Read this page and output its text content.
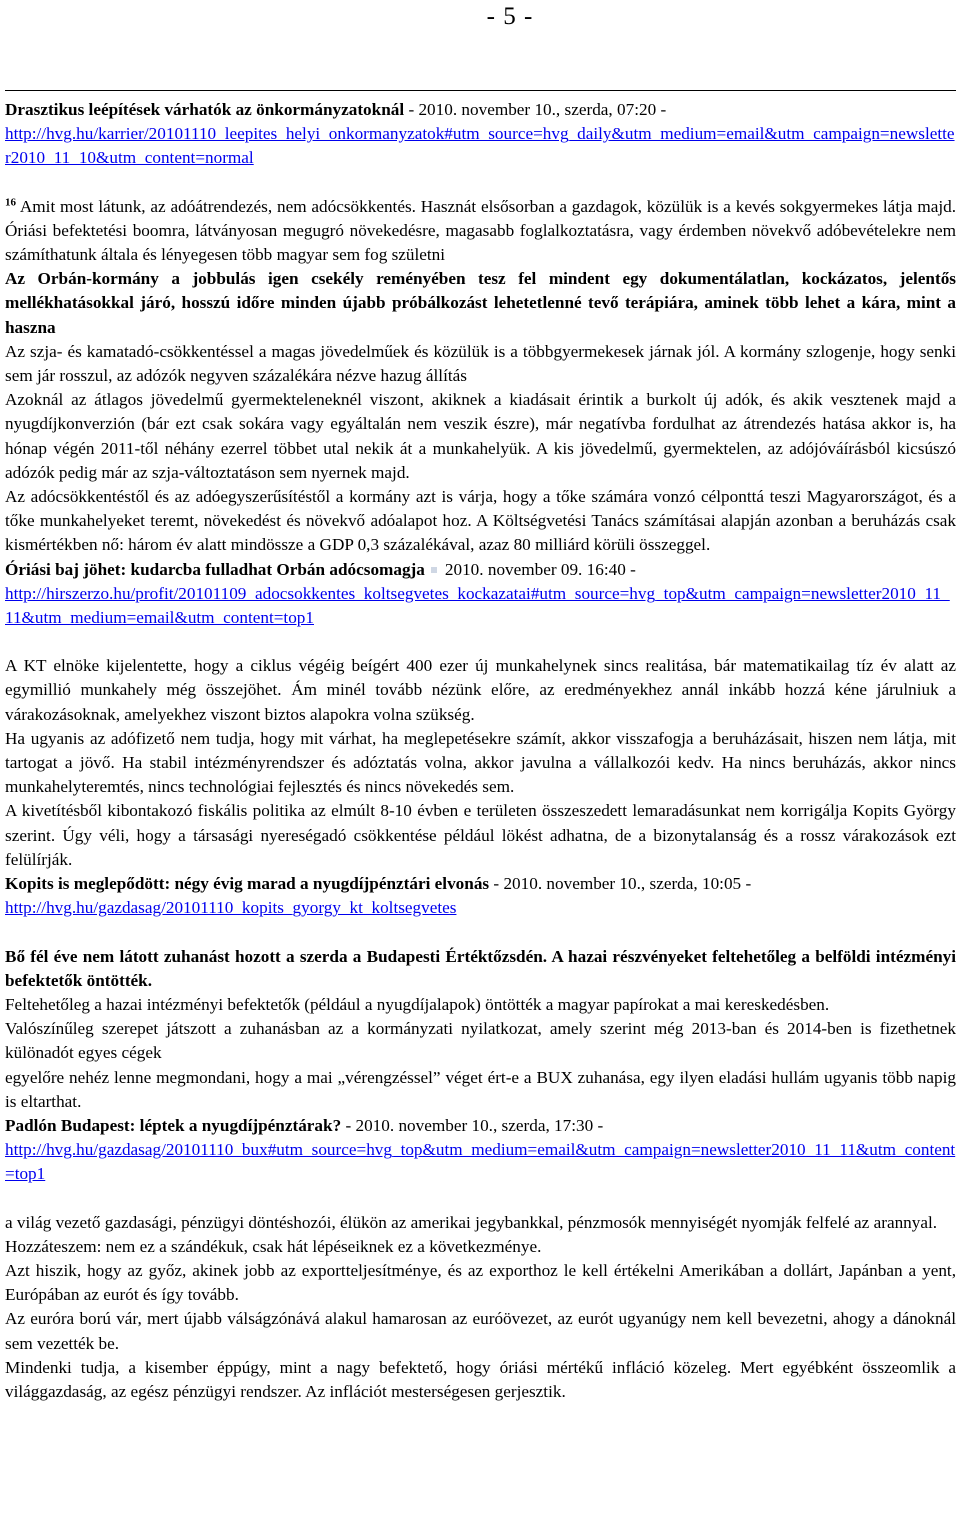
- 5 -

Drasztikus leépítések várhatók az önkormányzatoknál - 2010. november 10., szerda, 07:20 -
http://hvg.hu/karrier/20101110_leepites_helyi_onkormanyzatok#utm_source=hvg_daily&utm_medium=email&utm_campaign=newsletter2010_11_10&utm_content=normal

$^{16}$ Amit most látunk, az adóátrendezés, nem adócsökkentés. Hasznát elsősorban a gazdagok, közülük is a kevés sokgyermekes látja majd. Óriási befektetési boomra, látványosan megugró növekedésre, magasabb foglalkoztatásra, vagy érdemben növekvő adóbevételekre nem számíthatunk általa és lényegesen több magyar sem fog születni

Az Orbán-kormány a jobbulás igen csekély reményében tesz fel mindent egy dokumentálatlan, kockázatos, jelentős mellékhatásokkal járó, hosszú időre minden újabb próbálkozást lehetetlenné tevő terápiára, aminek több lehet a kára, mint a haszna

Az szja- és kamatadó-csökkentéssel a magas jövedelműek és közülük is a többgyermekesek járnak jól. A kormány szlogenje, hogy senki sem jár rosszul, az adózók negyven százalékára nézve hazug állítás

Azoknál az átlagos jövedelmű gyermekteleneknél viszont, akiknek a kiadásait érintik a burkolt új adók, és akik vesztenek majd a nyugdíjkonverzión (bár ezt csak sokára vagy egyáltalán nem veszik észre), már negatívba fordulhat az átrendezés hatása akkor is, ha hónap végén 2011-től néhány ezerrel többet utal nekik át a munkahelyük. A kis jövedelmű, gyermektelen, az adójóváírásból kicsúszó adózók pedig már az szja-változtatáson sem nyernek majd.

Az adócsökkentéstől és az adóegyszerűsítéstől a kormány azt is várja, hogy a tőke számára vonzó célponttá teszi Magyarországot, és a tőke munkahelyeket teremt, növekedést és növekvő adóalapot hoz. A Költségvetési Tanács számításai alapján azonban a beruházás csak kismértékben nő: három év alatt mindössze a GDP 0,3 százalékával, azaz 80 milliárd körüli összeggel.

Óriási baj jöhet: kudarcba fulladhat Orbán adócsomagja 2010. november 09. 16:40 -
http://hirszerzo.hu/profit/20101109_adocsokkentes_koltsegvetes_kockazatai#utm_source=hvg_top&utm_campaign=newsletter2010_11_11&utm_medium=email&utm_content=top1

A KT elnöke kijelentette, hogy a ciklus végéig beígért 400 ezer új munkahelynek sincs realitása, bár matematikailag tíz év alatt az egymillió munkahely még összejöhet. Ám minél tovább nézünk előre, az eredményekhez annál inkább hozzá kéne járulniuk a várakozásoknak, amelyekhez viszont biztos alapokra volna szükség.

Ha ugyanis az adófizető nem tudja, hogy mit várhat, ha meglepetésekre számít, akkor visszafogja a beruházásait, hiszen nem látja, mit tartogat a jövő. Ha stabil intézményrendszer és adóztatás volna, akkor javulna a vállalkozói kedv. Ha nincs beruházás, akkor nincs munkahelyteremtés, nincs technológiai fejlesztés és nincs növekedés sem.

A kivetítésből kibontakozó fiskális politika az elmúlt 8-10 évben e területen összeszedett lemaradásunkat nem korrigálja Kopits György szerint. Úgy véli, hogy a társasági nyereségadó csökkentése például lökést adhatna, de a bizonytalanság és a rossz várakozások ezt felülírják.

Kopits is meglepődött: négy évig marad a nyugdíjpénztári elvonás - 2010. november 10., szerda, 10:05 -
http://hvg.hu/gazdasag/20101110_kopits_gyorgy_kt_koltsegvetes

Bő fél éve nem látott zuhanást hozott a szerda a Budapesti Értéktőzsdén. A hazai részvényeket feltehetőleg a belföldi intézményi befektetők öntötték.

Feltehetőleg a hazai intézményi befektetők (például a nyugdíjalapok) öntötték a magyar papírokat a mai kereskedésben.

Valószínűleg szerepet játszott a zuhanásban az a kormányzati nyilatkozat, amely szerint még 2013-ban és 2014-ben is fizethetnek különadót egyes cégek

egyelőre nehéz lenne megmondani, hogy a mai „vérengzéssel” véget ért-e a BUX zuhanása, egy ilyen eladási hullám ugyanis több napig is eltarthat.

Padlón Budapest: léptek a nyugdíjpénztárak? - 2010. november 10., szerda, 17:30 -
http://hvg.hu/gazdasag/20101110_bux#utm_source=hvg_top&utm_medium=email&utm_campaign=newsletter2010_11_11&utm_content=top1

a világ vezető gazdasági, pénzügyi döntéshozói, élükön az amerikai jegybankkal, pénzmosók mennyiségét nyomják felfelé az arannyal.

Hozzáteszem: nem ez a szándékuk, csak hát lépéseiknek ez a következménye.

Azt hiszik, hogy az győz, akinek jobb az exportteljesítménye, és az exporthoz le kell értékelni Amerikában a dollárt, Japánban a yent, Európában az eurót és így tovább.

Az euróra ború vár, mert újabb válságzónává alakul hamarosan az euróövezet, az eurót ugyanúgy nem kell bevezetni, ahogy a dánoknál sem vezették be.

Mindenki tudja, a kisember éppúgy, mint a nagy befektető, hogy óriási mértékű infláció közeleg. Mert egyébként összeomlik a világgazdaság, az egész pénzügyi rendszer. Az inflációt mesterségesen gerjesztik.
